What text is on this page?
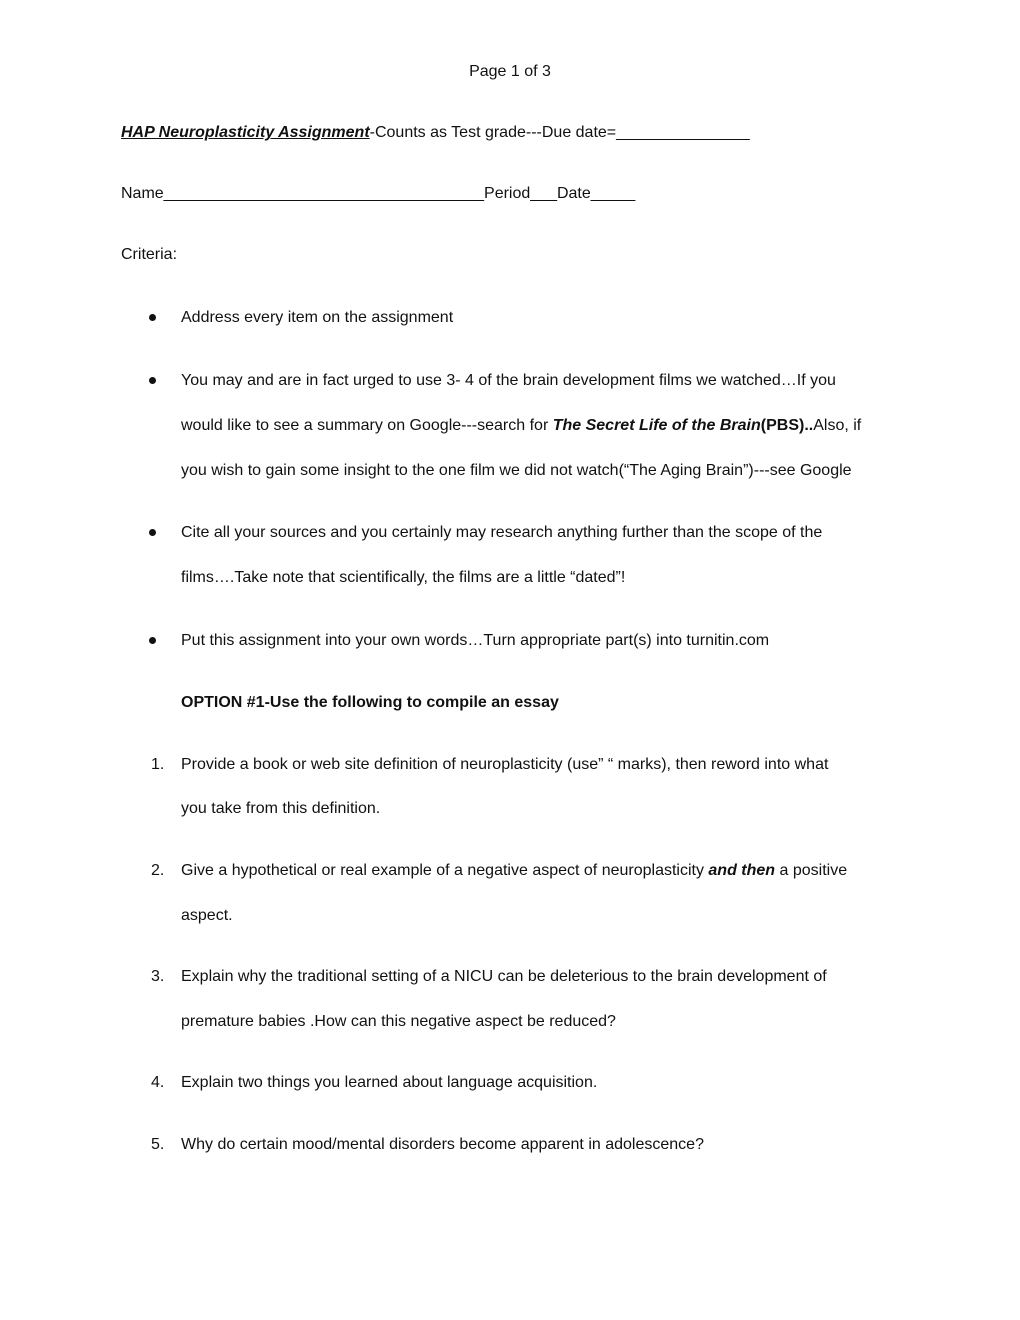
Page 1 of 3
HAP Neuroplasticity Assignment-Counts as Test grade---Due date=_______________
Name____________________________________Period___Date_____
Criteria:
Address every item on the assignment
You may and are in fact urged to use 3- 4 of the brain development films we watched…If you
would like to see a summary on Google---search for The Secret Life of the Brain(PBS)..Also, if
you wish to gain some insight to the one film we did not watch(“The Aging Brain”)---see Google
Cite all your sources and you certainly may research anything further than the scope of the
films….Take note that scientifically, the films are a little “dated”!
Put this assignment into your own words…Turn appropriate part(s) into turnitin.com
OPTION #1-Use the following to compile an essay
1. Provide a book or web site definition of neuroplasticity (use” “ marks), then reword into what
you take from this definition.
2. Give a hypothetical or real example of a negative aspect of neuroplasticity and then a positive
aspect.
3. Explain why the traditional setting of a NICU can be deleterious to the brain development of
premature babies .How can this negative aspect be reduced?
4. Explain two things you learned about language acquisition.
5. Why do certain mood/mental disorders become apparent in adolescence?
